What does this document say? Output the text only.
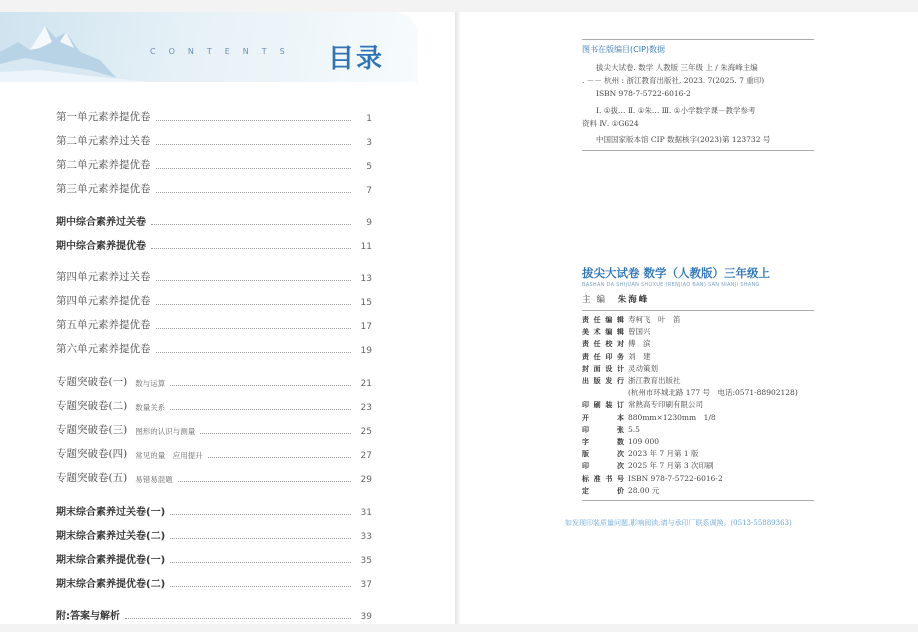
CONTENTS 目录
第一单元素养提优卷	1
第二单元素养过关卷	3
第二单元素养提优卷	5
第三单元素养提优卷	7
期中综合素养过关卷	9
期中综合素养提优卷	11
第四单元素养过关卷	13
第四单元素养提优卷	15
第五单元素养提优卷	17
第六单元素养提优卷	19
专题突破卷(一) 数与运算	21
专题突破卷(二) 数量关系	23
专题突破卷(三) 图形的认识与测量	25
专题突破卷(四) 常见的量　应用提升	27
专题突破卷(五) 易错易混题	29
期末综合素养过关卷(一)	31
期末综合素养过关卷(二)	33
期末综合素养提优卷(一)	35
期末综合素养提优卷(二)	37
附:答案与解析	39
图书在版编目(CIP)数据
拔尖大试卷. 数学 人教版 三年级 上 / 朱海峰主编
. －－ 杭州 : 浙江教育出版社, 2023. 7(2025. 7 重印)
ISBN 978-7-5722-6016-2
Ⅰ. ①拔… Ⅱ. ①朱… Ⅲ. ①小学数学课－教学参考
资料 Ⅳ. ①G624
中国国家版本馆 CIP 数据核字(2023)第 123732 号
拔尖大试卷 数学（人教版）三年级上
BASHAN DA SHIJUAN SHUXUE (RENJIAO BAN) SAN NIANJI SHANG
主编 朱海峰
责任编辑 寿柯飞　叶　笛
美术编辑 曾国兴
责任校对 傅　滨
责任印务 刘　建
封面设计 灵动策划
出版发行 浙江教育出版社
(杭州市环城北路 177 号　电话:0571-88902128)
印刷装订 常熟高专印刷有限公司
开本 880mm×1230mm　1/8
印张 5.5
字数 109 000
版次 2023 年 7 月第 1 版
印次 2025 年 7 月第 3 次印刷
标准书号 ISBN 978-7-5722-6016-2
定价 28.00 元
如发现印装质量问题,影响阅读,请与承印厂联系调换。(0513-55889363)
